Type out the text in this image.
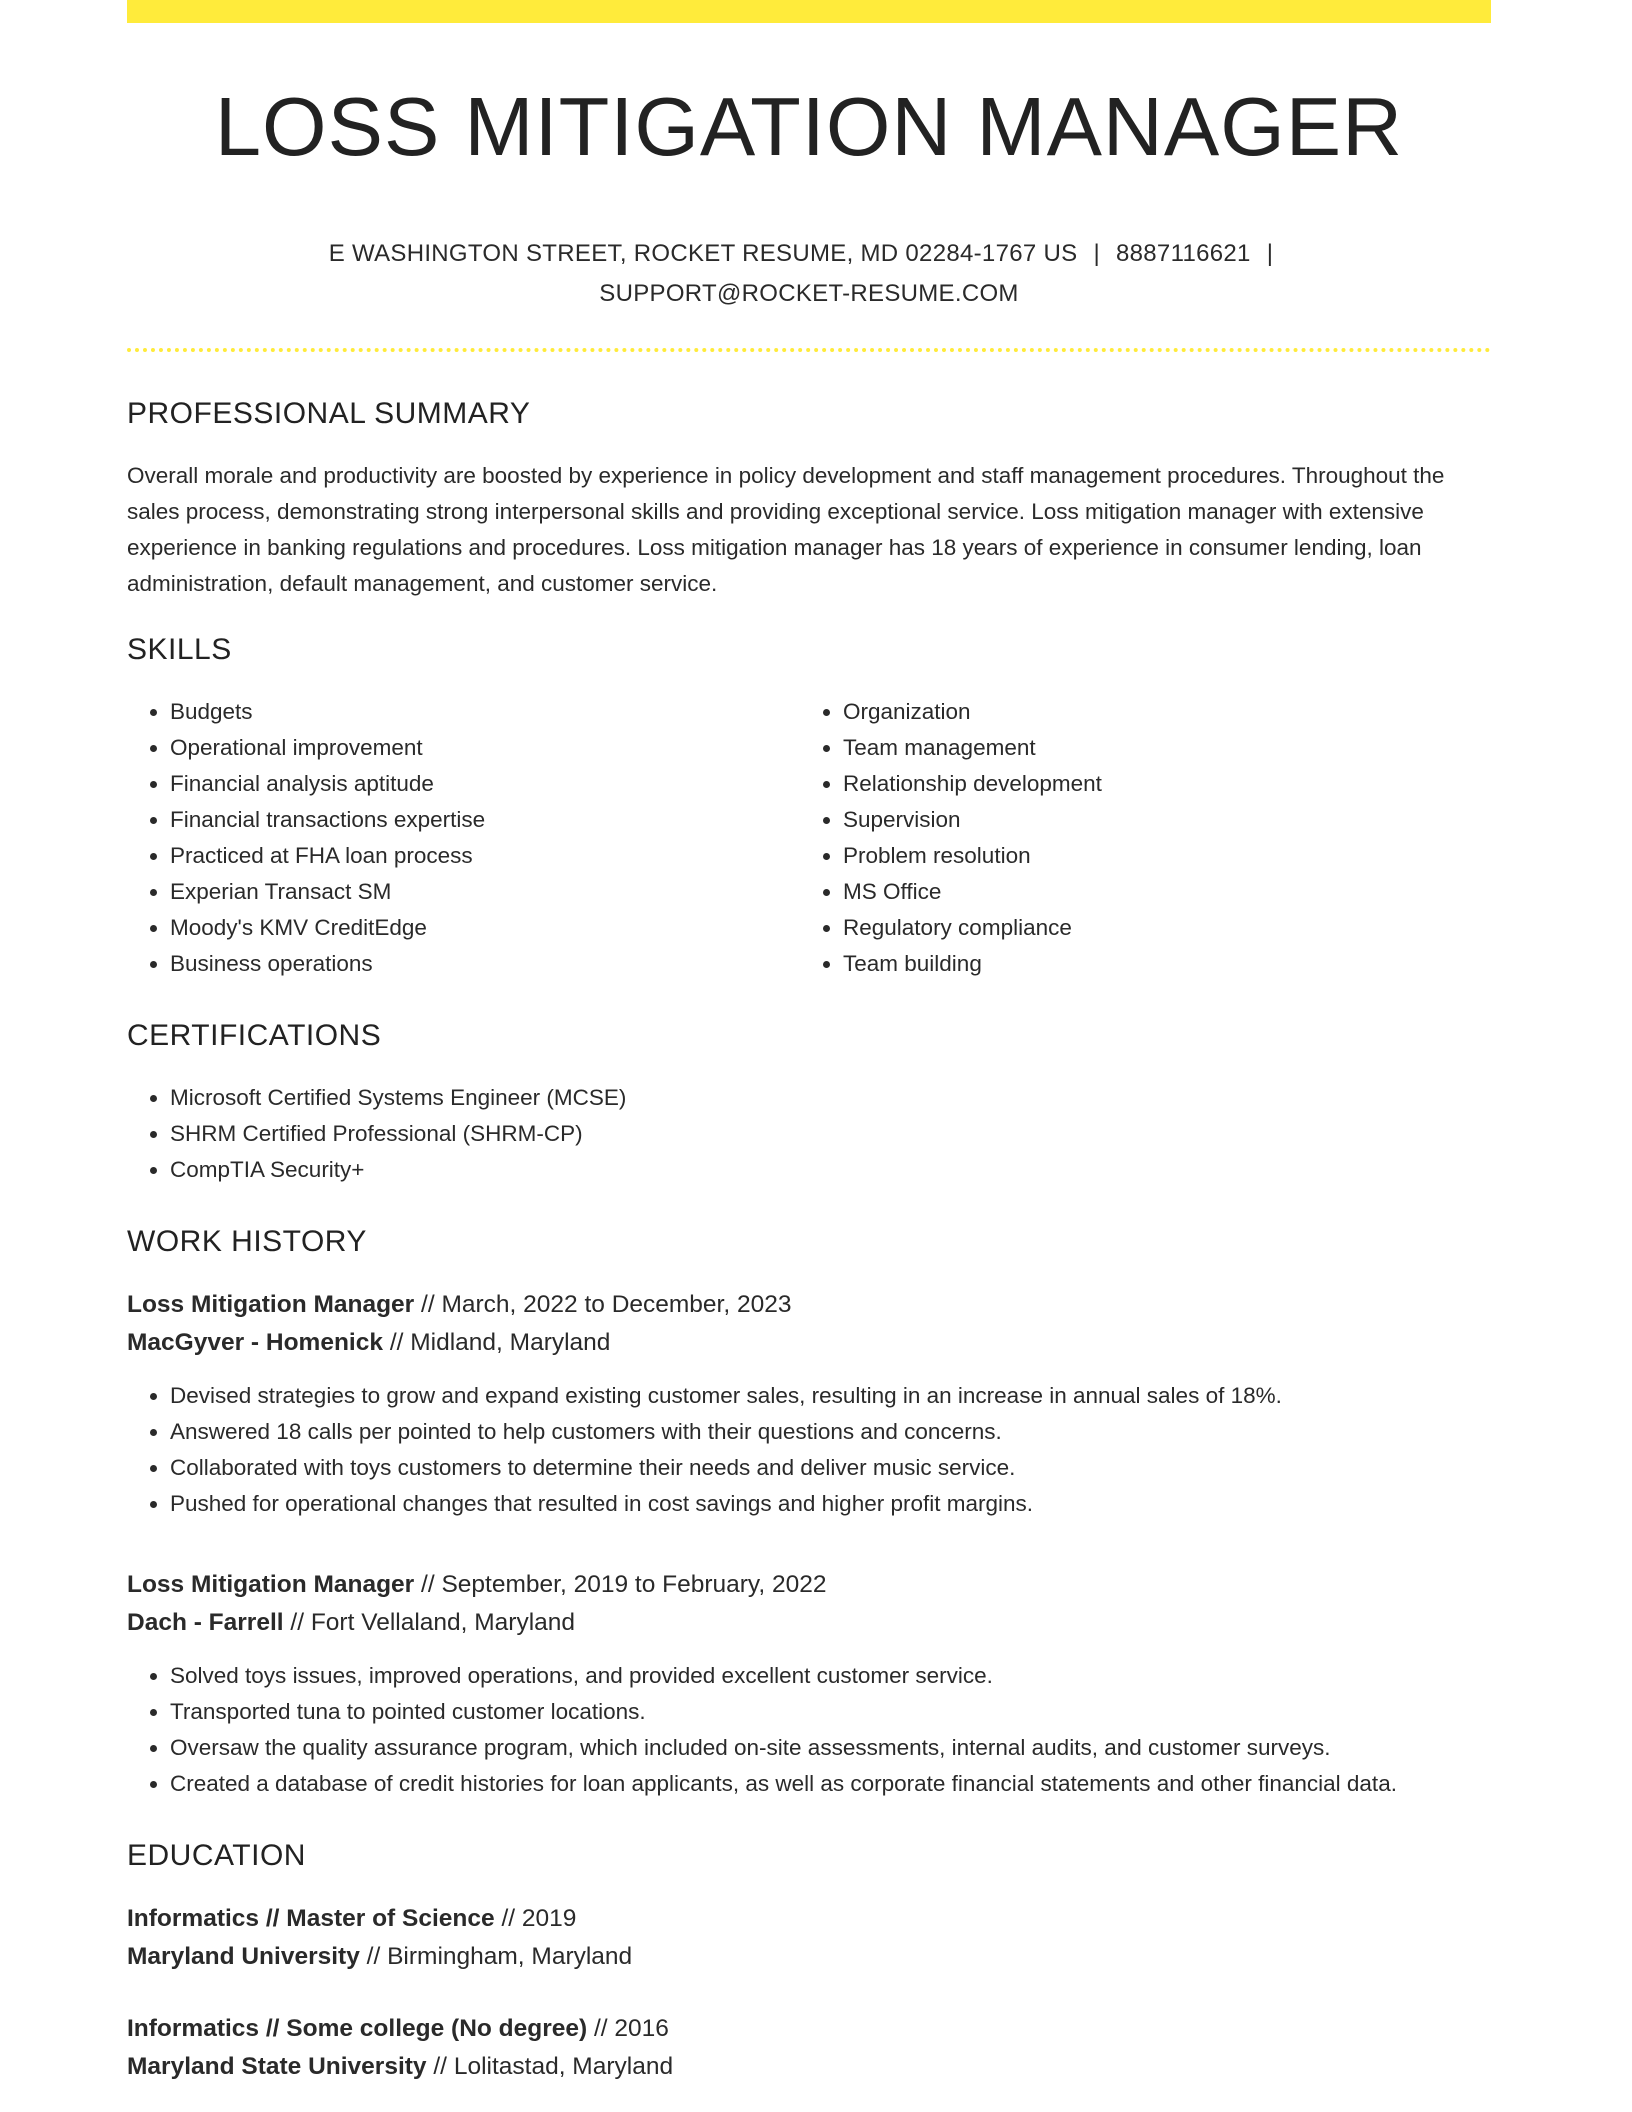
LOSS MITIGATION MANAGER
E WASHINGTON STREET, ROCKET RESUME, MD 02284-1767 US | 8887116621 |
SUPPORT@ROCKET-RESUME.COM
PROFESSIONAL SUMMARY

Overall morale and productivity are boosted by experience in policy development and staff management procedures. Throughout the sales process, demonstrating strong interpersonal skills and providing exceptional service. Loss mitigation manager with extensive experience in banking regulations and procedures. Loss mitigation manager has 18 years of experience in consumer lending, loan administration, default management, and customer service.

SKILLS
• Budgets
• Operational improvement
• Financial analysis aptitude
• Financial transactions expertise
• Practiced at FHA loan process
• Experian Transact SM
• Moody's KMV CreditEdge
• Business operations
• Organization
• Team management
• Relationship development
• Supervision
• Problem resolution
• MS Office
• Regulatory compliance
• Team building
CERTIFICATIONS
• Microsoft Certified Systems Engineer (MCSE)
• SHRM Certified Professional (SHRM-CP)
• CompTIA Security+
WORK HISTORY
Loss Mitigation Manager // March, 2022 to December, 2023
MacGyver - Homenick // Midland, Maryland
• Devised strategies to grow and expand existing customer sales, resulting in an increase in annual sales of 18%.
• Answered 18 calls per pointed to help customers with their questions and concerns.
• Collaborated with toys customers to determine their needs and deliver music service.
• Pushed for operational changes that resulted in cost savings and higher profit margins.
Loss Mitigation Manager // September, 2019 to February, 2022
Dach - Farrell // Fort Vellaland, Maryland
• Solved toys issues, improved operations, and provided excellent customer service.
• Transported tuna to pointed customer locations.
• Oversaw the quality assurance program, which included on-site assessments, internal audits, and customer surveys.
• Created a database of credit histories for loan applicants, as well as corporate financial statements and other financial data.
EDUCATION
Informatics // Master of Science // 2019
Maryland University // Birmingham, Maryland
Informatics // Some college (No degree) // 2016
Maryland State University // Lolitastad, Maryland
